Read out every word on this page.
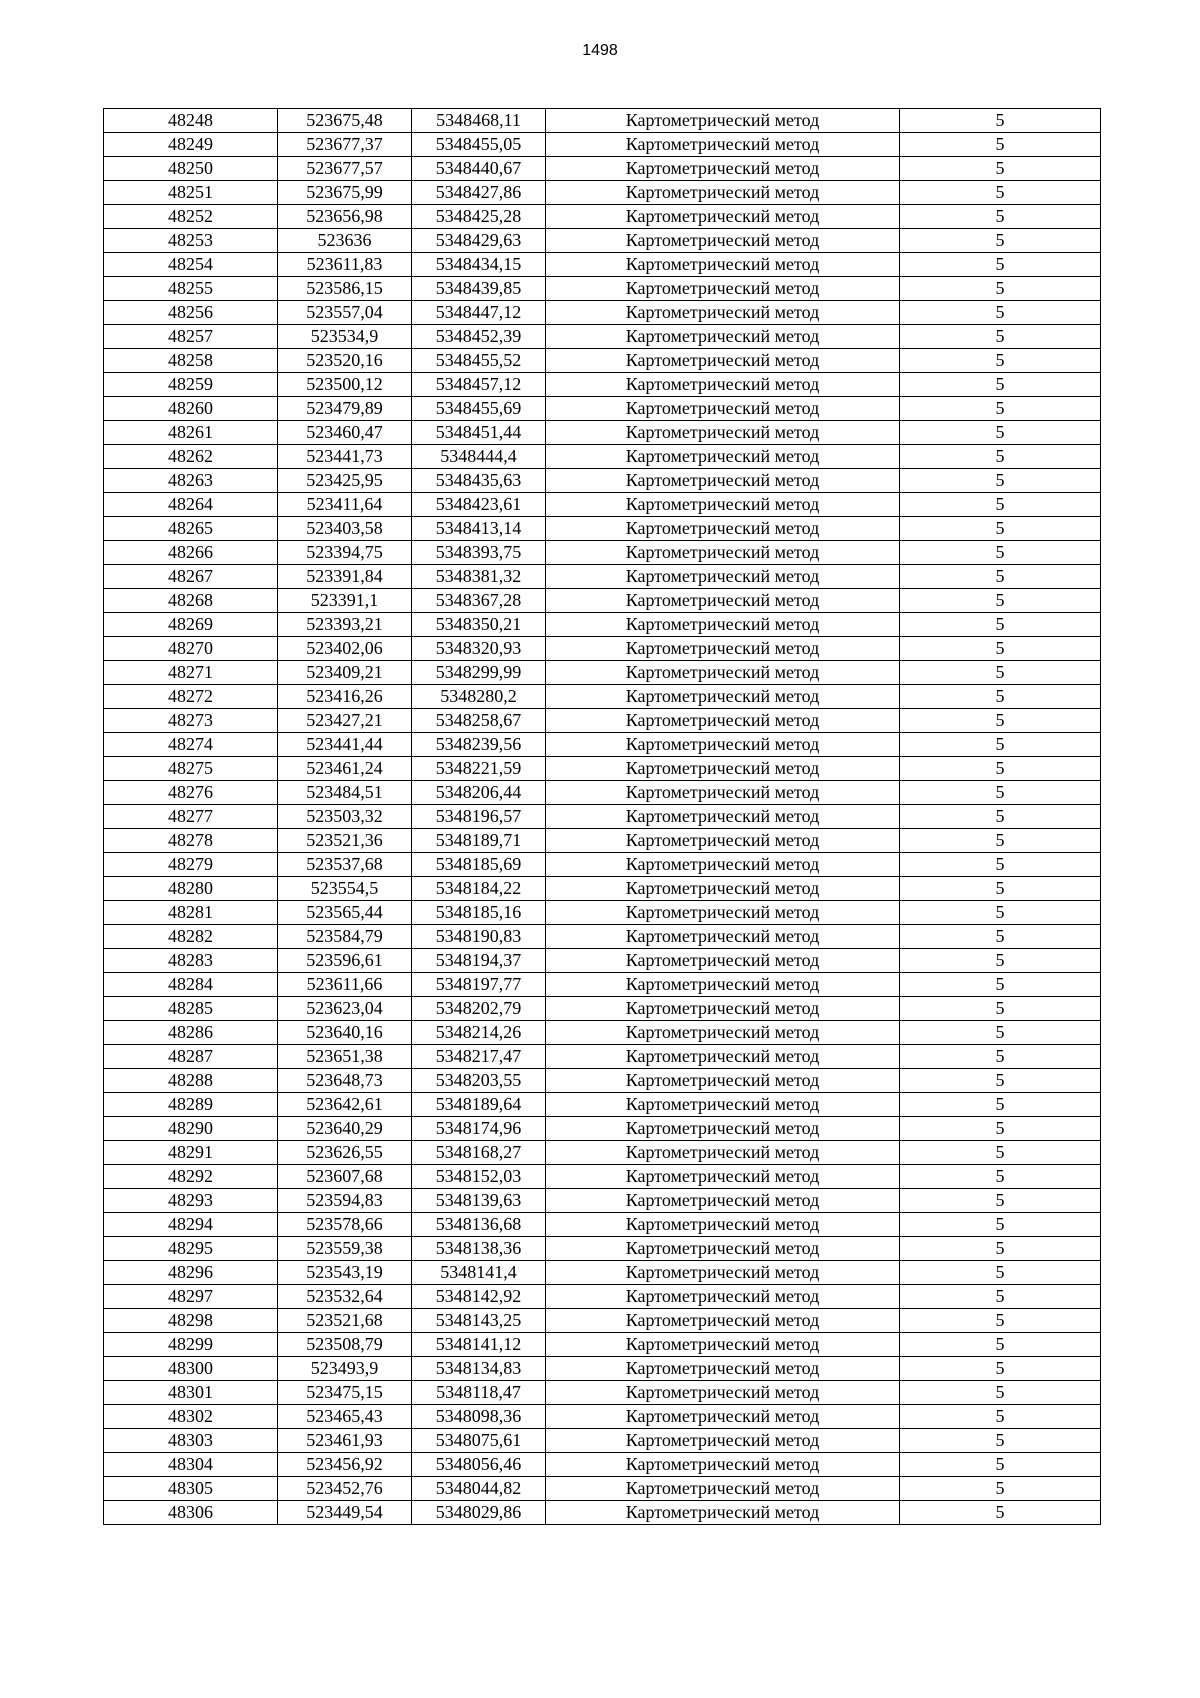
1498
48248	523675,48	5348468,11	Картометрический метод	5
48249	523677,37	5348455,05	Картометрический метод	5
48250	523677,57	5348440,67	Картометрический метод	5
48251	523675,99	5348427,86	Картометрический метод	5
48252	523656,98	5348425,28	Картометрический метод	5
48253	523636	5348429,63	Картометрический метод	5
48254	523611,83	5348434,15	Картометрический метод	5
48255	523586,15	5348439,85	Картометрический метод	5
48256	523557,04	5348447,12	Картометрический метод	5
48257	523534,9	5348452,39	Картометрический метод	5
48258	523520,16	5348455,52	Картометрический метод	5
48259	523500,12	5348457,12	Картометрический метод	5
48260	523479,89	5348455,69	Картометрический метод	5
48261	523460,47	5348451,44	Картометрический метод	5
48262	523441,73	5348444,4	Картометрический метод	5
48263	523425,95	5348435,63	Картометрический метод	5
48264	523411,64	5348423,61	Картометрический метод	5
48265	523403,58	5348413,14	Картометрический метод	5
48266	523394,75	5348393,75	Картометрический метод	5
48267	523391,84	5348381,32	Картометрический метод	5
48268	523391,1	5348367,28	Картометрический метод	5
48269	523393,21	5348350,21	Картометрический метод	5
48270	523402,06	5348320,93	Картометрический метод	5
48271	523409,21	5348299,99	Картометрический метод	5
48272	523416,26	5348280,2	Картометрический метод	5
48273	523427,21	5348258,67	Картометрический метод	5
48274	523441,44	5348239,56	Картометрический метод	5
48275	523461,24	5348221,59	Картометрический метод	5
48276	523484,51	5348206,44	Картометрический метод	5
48277	523503,32	5348196,57	Картометрический метод	5
48278	523521,36	5348189,71	Картометрический метод	5
48279	523537,68	5348185,69	Картометрический метод	5
48280	523554,5	5348184,22	Картометрический метод	5
48281	523565,44	5348185,16	Картометрический метод	5
48282	523584,79	5348190,83	Картометрический метод	5
48283	523596,61	5348194,37	Картометрический метод	5
48284	523611,66	5348197,77	Картометрический метод	5
48285	523623,04	5348202,79	Картометрический метод	5
48286	523640,16	5348214,26	Картометрический метод	5
48287	523651,38	5348217,47	Картометрический метод	5
48288	523648,73	5348203,55	Картометрический метод	5
48289	523642,61	5348189,64	Картометрический метод	5
48290	523640,29	5348174,96	Картометрический метод	5
48291	523626,55	5348168,27	Картометрический метод	5
48292	523607,68	5348152,03	Картометрический метод	5
48293	523594,83	5348139,63	Картометрический метод	5
48294	523578,66	5348136,68	Картометрический метод	5
48295	523559,38	5348138,36	Картометрический метод	5
48296	523543,19	5348141,4	Картометрический метод	5
48297	523532,64	5348142,92	Картометрический метод	5
48298	523521,68	5348143,25	Картометрический метод	5
48299	523508,79	5348141,12	Картометрический метод	5
48300	523493,9	5348134,83	Картометрический метод	5
48301	523475,15	5348118,47	Картометрический метод	5
48302	523465,43	5348098,36	Картометрический метод	5
48303	523461,93	5348075,61	Картометрический метод	5
48304	523456,92	5348056,46	Картометрический метод	5
48305	523452,76	5348044,82	Картометрический метод	5
48306	523449,54	5348029,86	Картометрический метод	5
